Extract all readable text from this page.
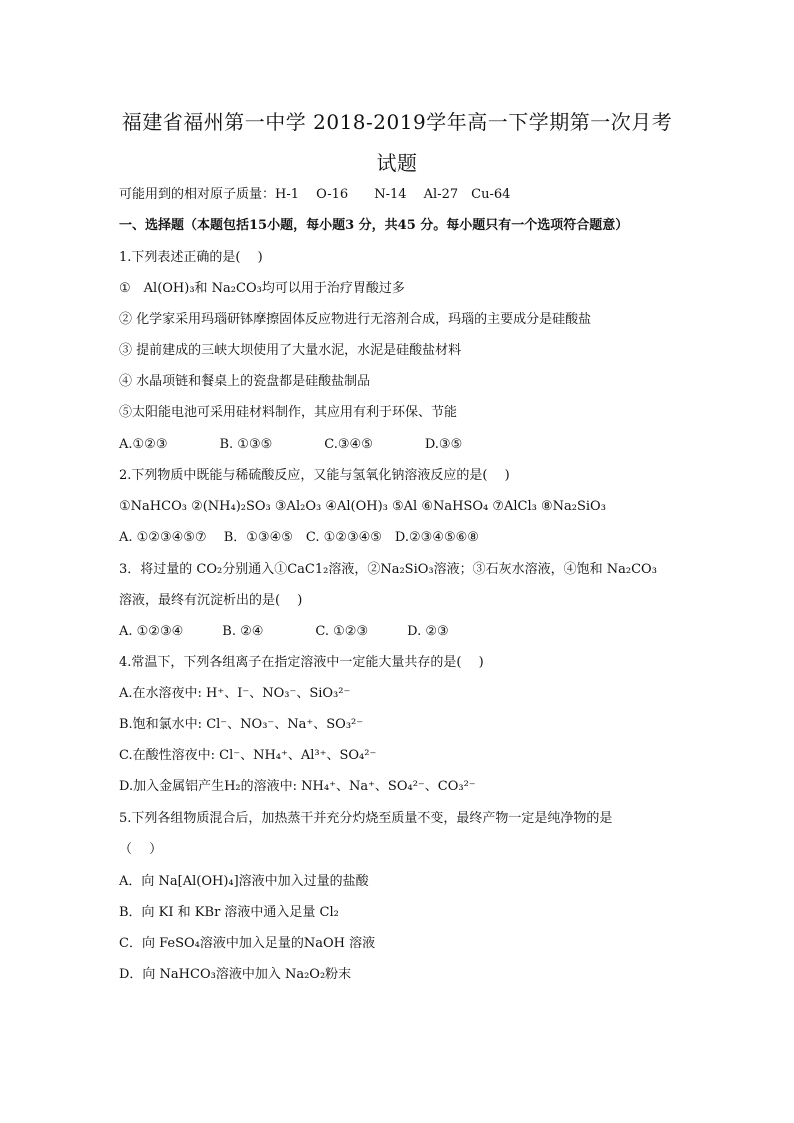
福建省福州第一中学 2018-2019学年高一下学期第一次月考
试题
可能用到的相对原子质量：H-1　 O-16　　N-14　 Al-27　Cu-64
一、选择题（本题包括15小题，每小题3 分，共45 分。每小题只有一个选项符合题意）
1.下列表述正确的是(　 )
①　Al(OH)₃和 Na₂CO₃均可以用于治疗胃酸过多
② 化学家采用玛瑙研钵摩擦固体反应物进行无溶剂合成，玛瑙的主要成分是硅酸盐
③ 提前建成的三峡大坝使用了大量水泥，水泥是硅酸盐材料
④ 水晶项链和餐桌上的瓷盘都是硅酸盐制品
⑤太阳能电池可采用硅材料制作，其应用有利于环保、节能
A.①②③　　　　B. ①③⑤　　　　C.③④⑤　　　　D.③⑤
2.下列物质中既能与稀硫酸反应，又能与氢氧化钠溶液反应的是(　 )
①NaHCO₃ ②(NH₄)₂SO₃ ③Al₂O₃ ④Al(OH)₃ ⑤Al ⑥NaHSO₄ ⑦AlCl₃ ⑧Na₂SiO₃
A. ①②③④⑤⑦　 B．①③④⑤　C. ①②③④⑤　D.②③④⑤⑥⑧
3．将过量的 CO₂分别通入①CaC1₂溶液，②Na₂SiO₃溶液；③石灰水溶液，④饱和 Na₂CO₃
溶液，最终有沉淀析出的是(　 )
A. ①②③④　　　B. ②④　　　　C. ①②③　　　D. ②③
4.常温下，下列各组离子在指定溶液中一定能大量共存的是(　 )
A.在水溶夜中: H⁺、I⁻、NO₃⁻、SiO₃²⁻
B.饱和氯水中: Cl⁻、NO₃⁻、Na⁺、SO₃²⁻
C.在酸性溶夜中: Cl⁻、NH₄⁺、Al³⁺、SO₄²⁻
D.加入金属铝产生H₂的溶液中: NH₄⁺、Na⁺、SO₄²⁻、CO₃²⁻
5.下列各组物质混合后，加热蒸干并充分灼烧至质量不变，最终产物一定是纯净物的是
（　 ）
A．向 Na[Al(OH)₄]溶液中加入过量的盐酸
B．向 KI 和 KBr 溶液中通入足量 Cl₂
C．向 FeSO₄溶液中加入足量的NaOH 溶液
D．向 NaHCO₃溶液中加入 Na₂O₂粉末
